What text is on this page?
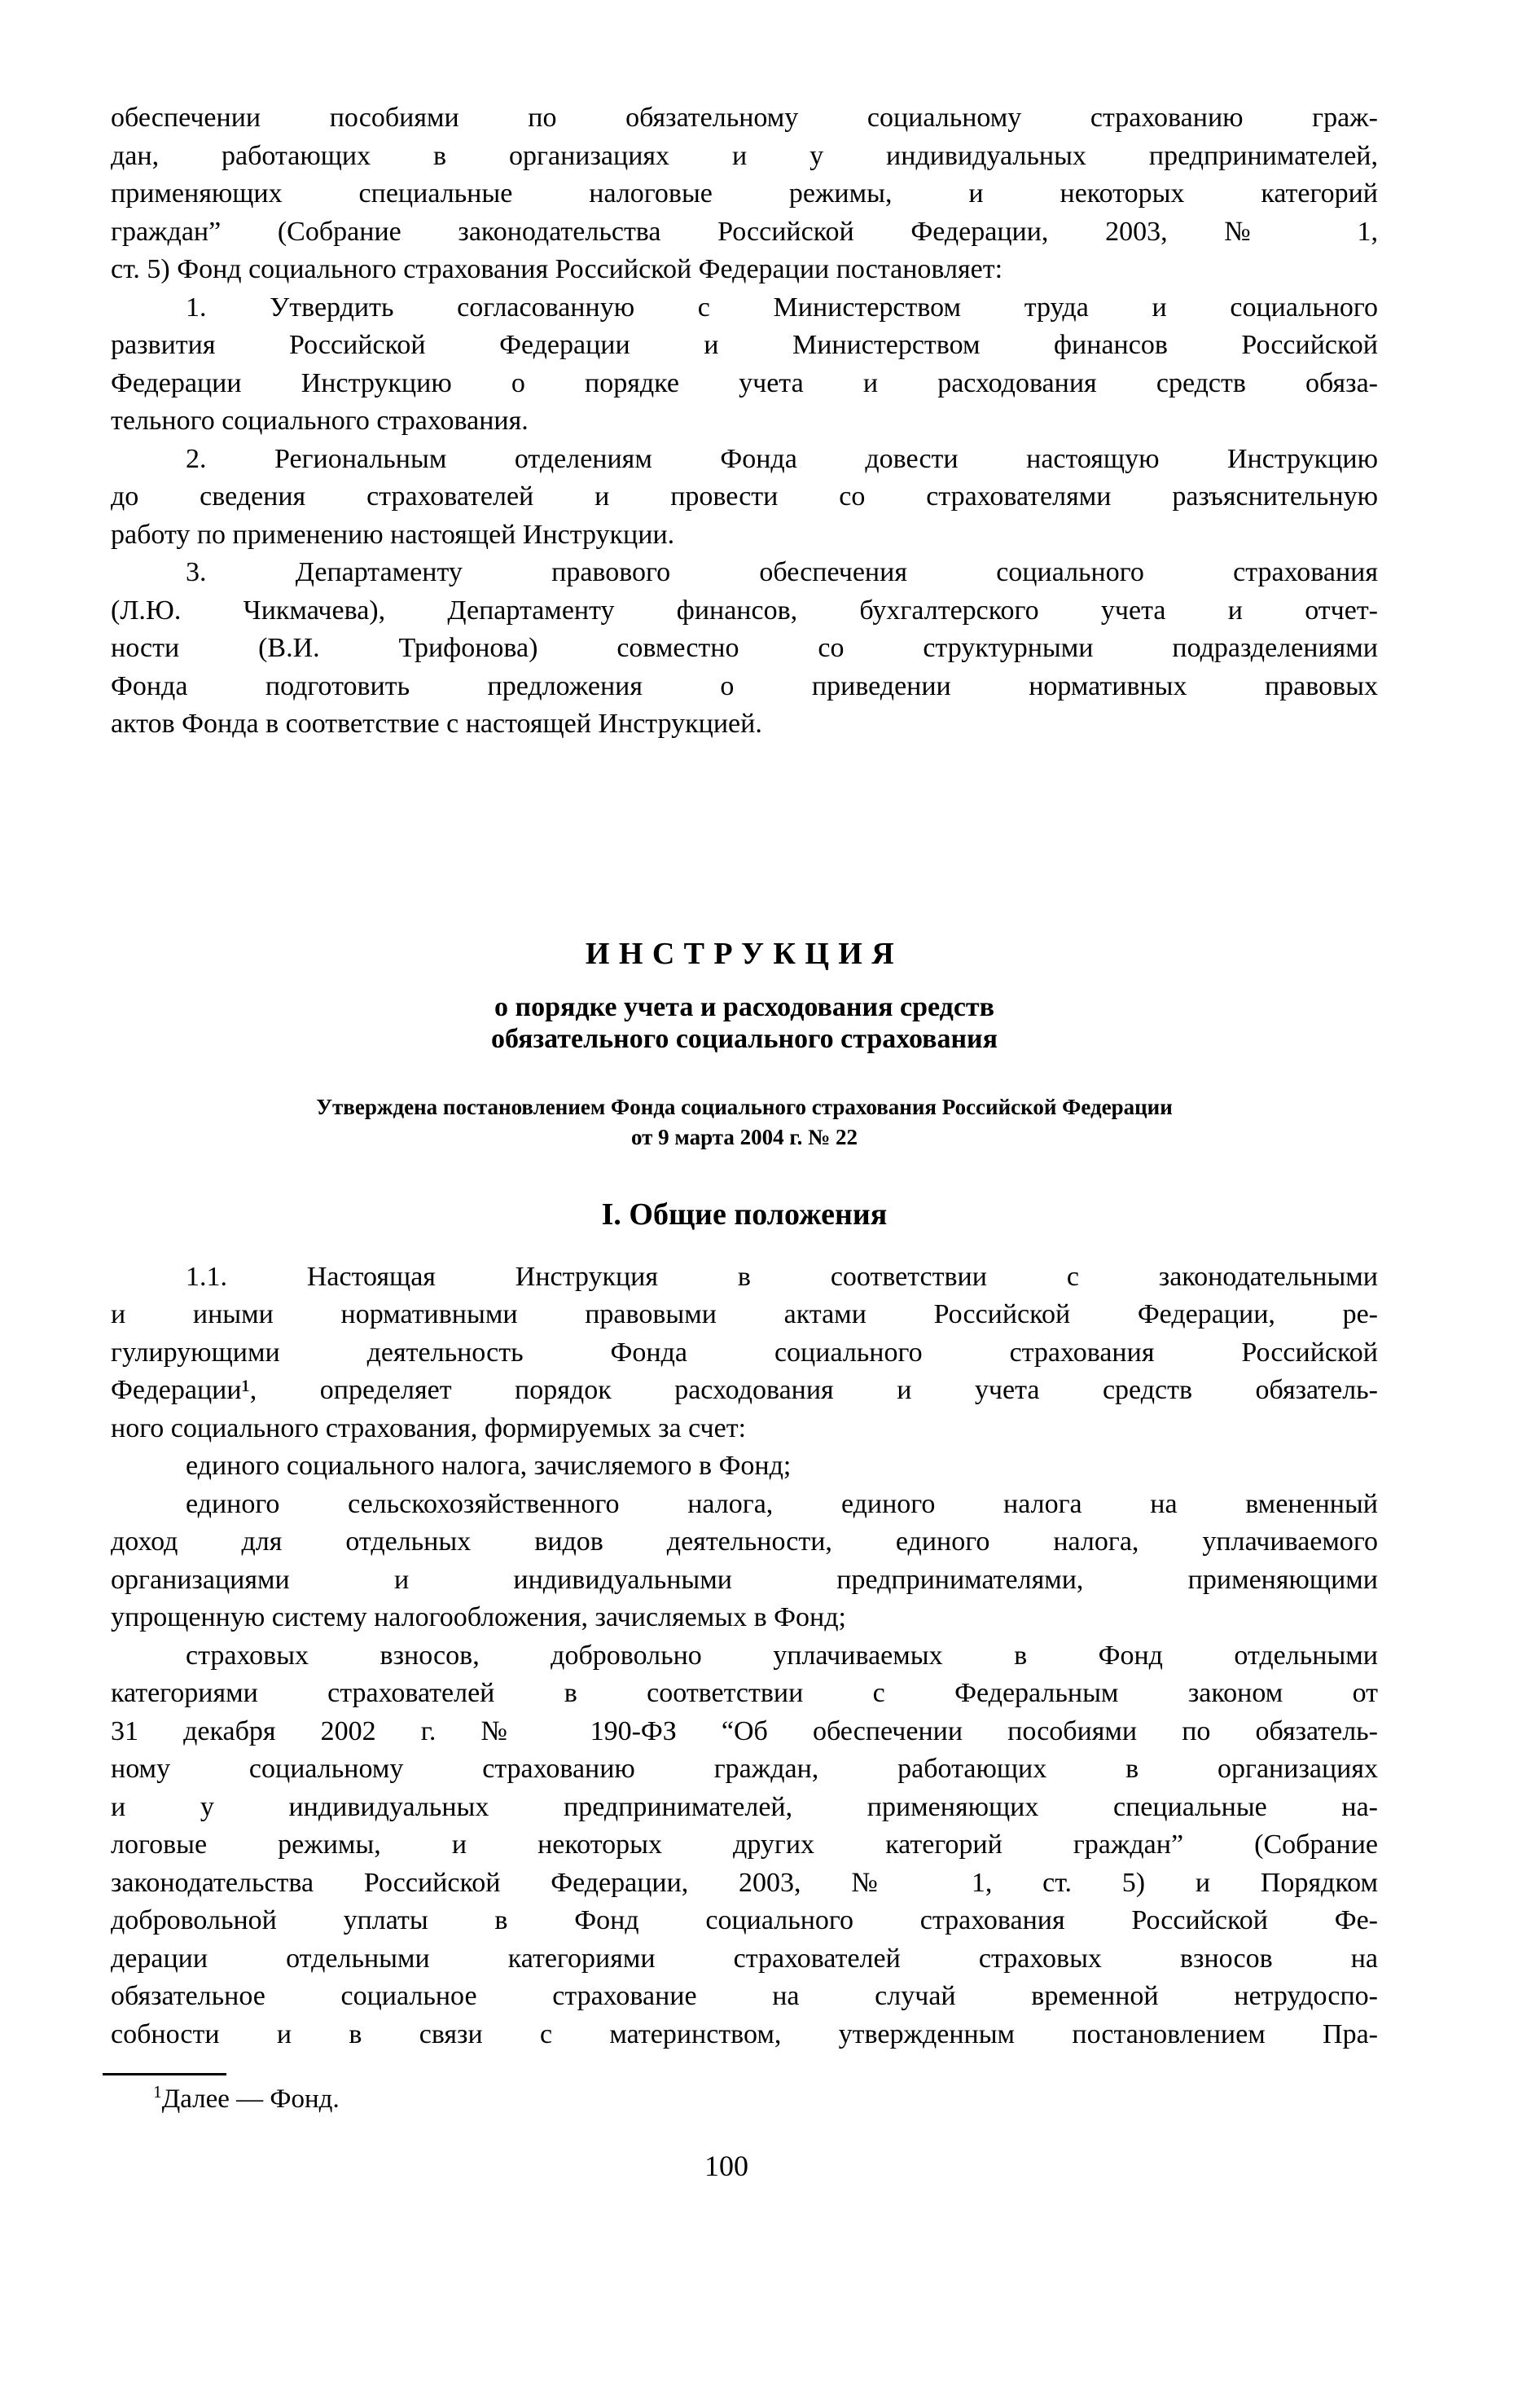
обеспечении пособиями по обязательному социальному страхованию граж-
дан, работающих в организациях и у индивидуальных предпринимателей,
применяющих специальные налоговые режимы, и некоторых категорий
граждан” (Собрание законодательства Российской Федерации, 2003, № 1,
ст. 5) Фонд социального страхования Российской Федерации постановляет:
1. Утвердить согласованную с Министерством труда и социального
развития Российской Федерации и Министерством финансов Российской
Федерации Инструкцию о порядке учета и расходования средств обяза-
тельного социального страхования.
2. Региональным отделениям Фонда довести настоящую Инструкцию
до сведения страхователей и провести со страхователями разъяснительную
работу по применению настоящей Инструкции.
3. Департаменту правового обеспечения социального страхования
(Л.Ю. Чикмачева), Департаменту финансов, бухгалтерского учета и отчет-
ности (В.И. Трифонова) совместно со структурными подразделениями
Фонда подготовить предложения о приведении нормативных правовых
актов Фонда в соответствие с настоящей Инструкцией.
ИНСТРУКЦИЯ
о порядке учета и расходования средств
обязательного социального страхования
Утверждена постановлением Фонда социального страхования Российской Федерации
от 9 марта 2004 г. № 22
I. Общие положения
1.1. Настоящая Инструкция в соответствии с законодательными
и иными нормативными правовыми актами Российской Федерации, ре-
гулирующими деятельность Фонда социального страхования Российской
Федерации¹, определяет порядок расходования и учета средств обязатель-
ного социального страхования, формируемых за счет:
единого социального налога, зачисляемого в Фонд;
единого сельскохозяйственного налога, единого налога на вмененный
доход для отдельных видов деятельности, единого налога, уплачиваемого
организациями и индивидуальными предпринимателями, применяющими
упрощенную систему налогообложения, зачисляемых в Фонд;
страховых взносов, добровольно уплачиваемых в Фонд отдельными
категориями страхователей в соответствии с Федеральным законом от
31 декабря 2002 г. № 190-ФЗ “Об обеспечении пособиями по обязатель-
ному социальному страхованию граждан, работающих в организациях
и у индивидуальных предпринимателей, применяющих специальные на-
логовые режимы, и некоторых других категорий граждан” (Собрание
законодательства Российской Федерации, 2003, № 1, ст. 5) и Порядком
добровольной уплаты в Фонд социального страхования Российской Фе-
дерации отдельными категориями страхователей страховых взносов на
обязательное социальное страхование на случай временной нетрудоспо-
собности и в связи с материнством, утвержденным постановлением Пра-
$^1$Далее — Фонд.
100
